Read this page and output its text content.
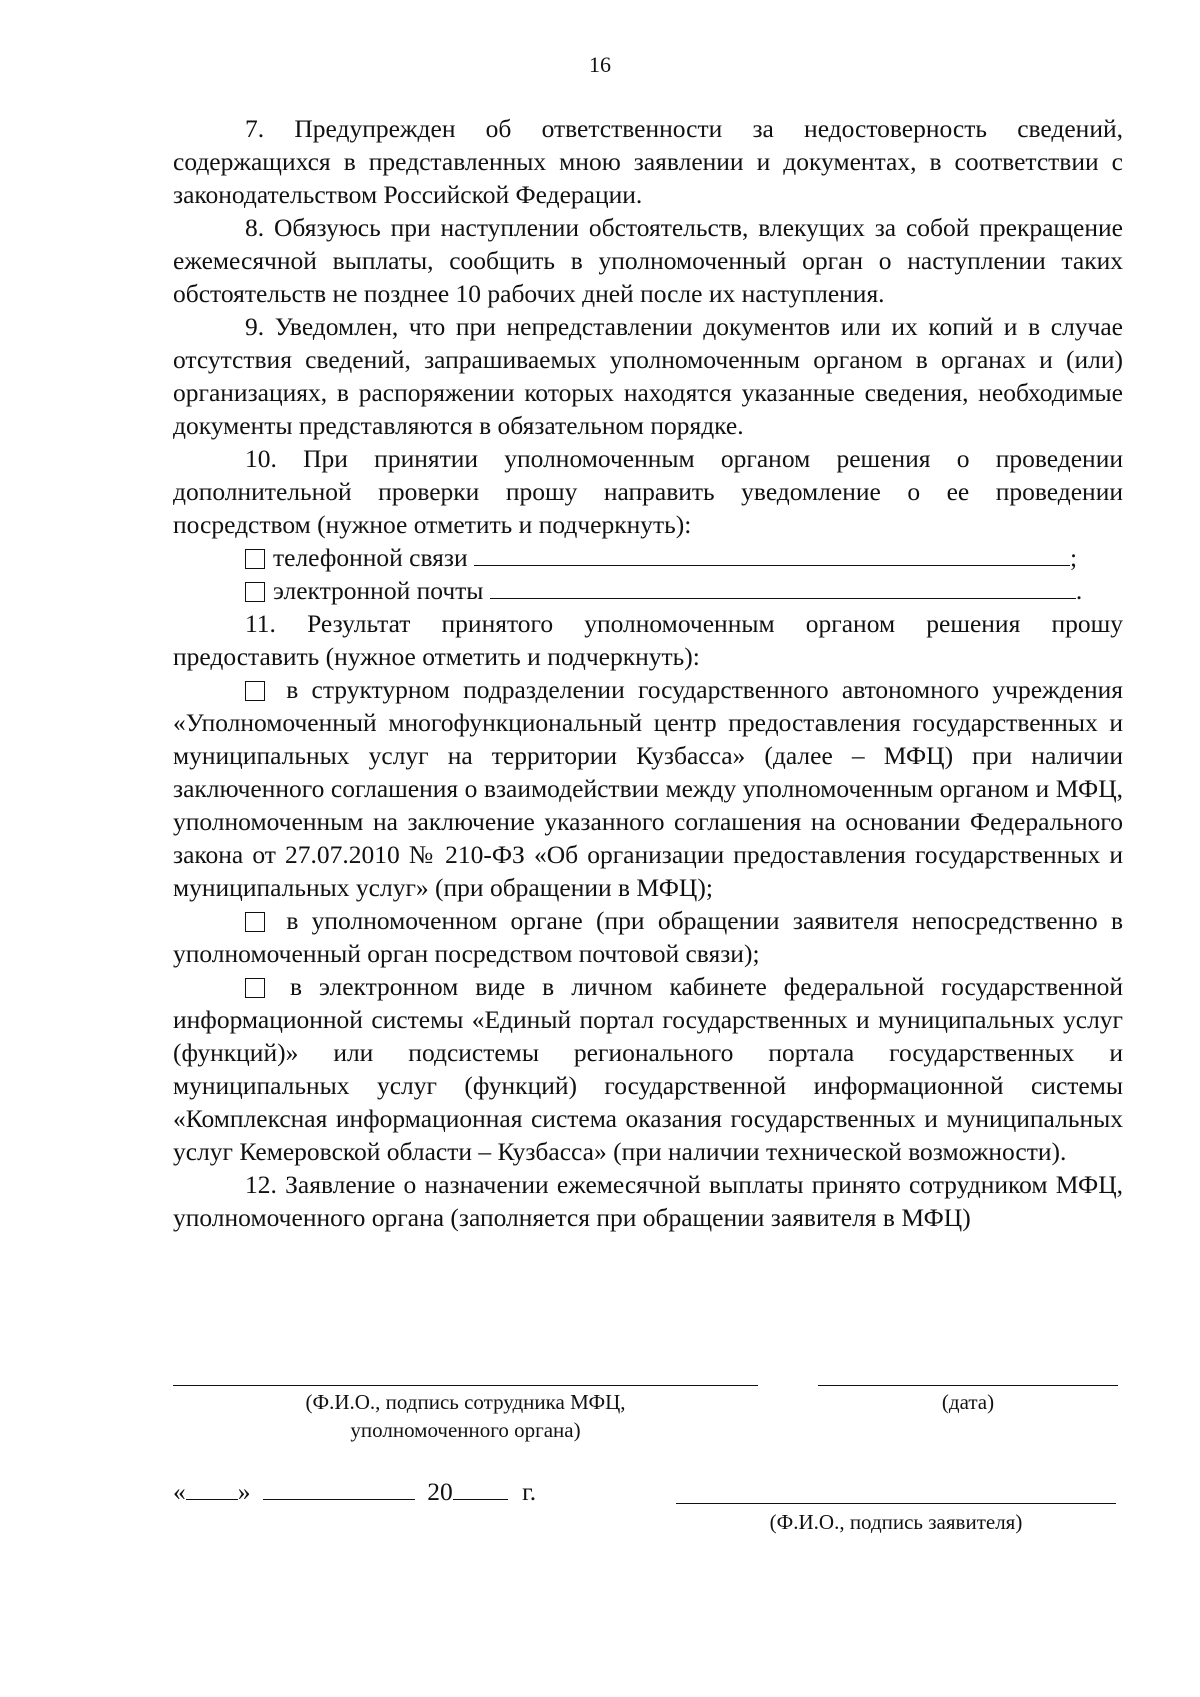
16

7. Предупрежден об ответственности за недостоверность сведений, содержащихся в представленных мною заявлении и документах, в соответствии с законодательством Российской Федерации.

8. Обязуюсь при наступлении обстоятельств, влекущих за собой прекращение ежемесячной выплаты, сообщить в уполномоченный орган о наступлении таких обстоятельств не позднее 10 рабочих дней после их наступления.

9. Уведомлен, что при непредставлении документов или их копий и в случае отсутствия сведений, запрашиваемых уполномоченным органом в органах и (или) организациях, в распоряжении которых находятся указанные сведения, необходимые документы представляются в обязательном порядке.

10. При принятии уполномоченным органом решения о проведении дополнительной проверки прошу направить уведомление о ее проведении посредством (нужное отметить и подчеркнуть):

телефонной связи	;
электронной почты	.

11. Результат принятого уполномоченным органом решения прошу предоставить (нужное отметить и подчеркнуть):

в структурном подразделении государственного автономного учреждения «Уполномоченный многофункциональный центр предоставления государственных и муниципальных услуг на территории Кузбасса» (далее – МФЦ) при наличии заключенного соглашения о взаимодействии между уполномоченным органом и МФЦ, уполномоченным на заключение указанного соглашения на основании Федерального закона от 27.07.2010 № 210-ФЗ «Об организации предоставления государственных и муниципальных услуг» (при обращении в МФЦ);

в уполномоченном органе (при обращении заявителя непосредственно в уполномоченный орган посредством почтовой связи);

в электронном виде в личном кабинете федеральной государственной информационной системы «Единый портал государственных и муниципальных услуг (функций)» или подсистемы регионального портала государственных и муниципальных услуг (функций) государственной информационной системы «Комплексная информационная система оказания государственных и муниципальных услуг Кемеровской области – Кузбасса» (при наличии технической возможности).

12. Заявление о назначении ежемесячной выплаты принято сотрудником МФЦ, уполномоченного органа (заполняется при обращении заявителя в МФЦ)

(Ф.И.О., подпись сотрудника МФЦ,
уполномоченного органа)
(дата)
« »	20	г.
(Ф.И.О., подпись заявителя)
